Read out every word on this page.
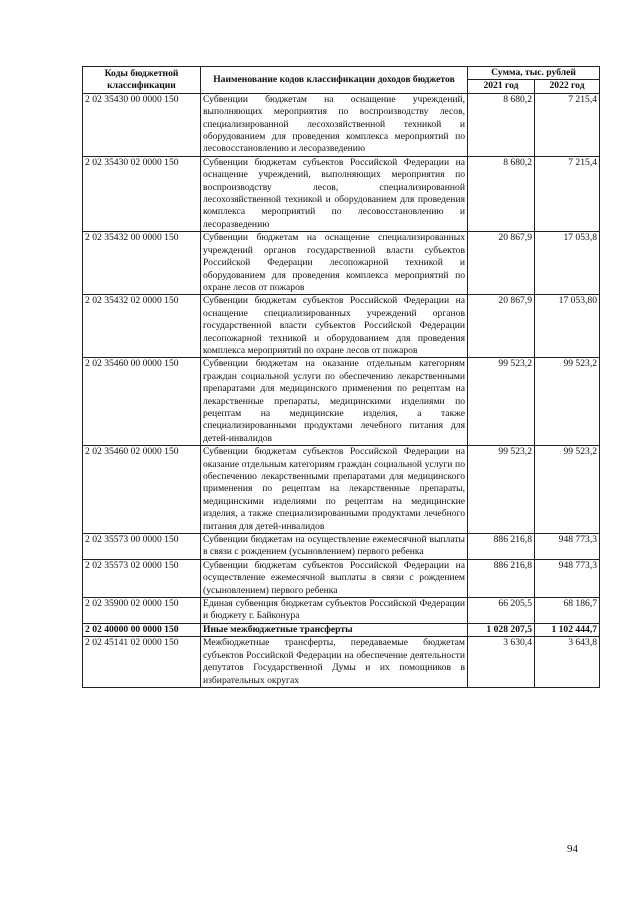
Коды бюджетной классификации	Наименование кодов классификации доходов бюджетов	Сумма, тыс. рублей	
		2021 год	2022 год
2 02 35430 00 0000 150	Субвенции бюджетам на оснащение учреждений, выполняющих мероприятия по воспроизводству лесов, специализированной лесохозяйственной техникой и оборудованием для проведения комплекса мероприятий по лесовосстановлению и лесоразведению	8 680,2	7 215,4
2 02 35430 02 0000 150	Субвенции бюджетам субъектов Российской Федерации на оснащение учреждений, выполняющих мероприятия по воспроизводству лесов, специализированной лесохозяйственной техникой и оборудованием для проведения комплекса мероприятий по лесовосстановлению и лесоразведению	8 680,2	7 215,4
2 02 35432 00 0000 150	Субвенции бюджетам на оснащение специализированных учреждений органов государственной власти субъектов Российской Федерации лесопожарной техникой и оборудованием для проведения комплекса мероприятий по охране лесов от пожаров	20 867,9	17 053,8
2 02 35432 02 0000 150	Субвенции бюджетам субъектов Российской Федерации на оснащение специализированных учреждений органов государственной власти субъектов Российской Федерации лесопожарной техникой и оборудованием для проведения комплекса мероприятий по охране лесов от пожаров	20 867,9	17 053,80
2 02 35460 00 0000 150	Субвенции бюджетам на оказание отдельным категориям граждан социальной услуги по обеспечению лекарственными препаратами для медицинского применения по рецептам на лекарственные препараты, медицинскими изделиями по рецептам на медицинские изделия, а также специализированными продуктами лечебного питания для детей-инвалидов	99 523,2	99 523,2
2 02 35460 02 0000 150	Субвенции бюджетам субъектов Российской Федерации на оказание отдельным категориям граждан социальной услуги по обеспечению лекарственными препаратами для медицинского применения по рецептам на лекарственные препараты, медицинскими изделиями по рецептам на медицинские изделия, а также специализированными продуктами лечебного питания для детей-инвалидов	99 523,2	99 523,2
2 02 35573 00 0000 150	Субвенции бюджетам на осуществление ежемесячной выплаты в связи с рождением (усыновлением) первого ребенка	886 216,8	948 773,3
2 02 35573 02 0000 150	Субвенции бюджетам субъектов Российской Федерации на осуществление ежемесячной выплаты в связи с рождением (усыновлением) первого ребенка	886 216,8	948 773,3
2 02 35900 02 0000 150	Единая субвенция бюджетам субъектов Российской Федерации и бюджету г. Байконура	66 205,5	68 186,7
2 02 40000 00 0000 150	Иные межбюджетные трансферты	1 028 207,5	1 102 444,7
2 02 45141 02 0000 150	Межбюджетные трансферты, передаваемые бюджетам субъектов Российской Федерации на обеспечение деятельности депутатов Государственной Думы и их помощников в избирательных округах	3 630,4	3 643,8
94
